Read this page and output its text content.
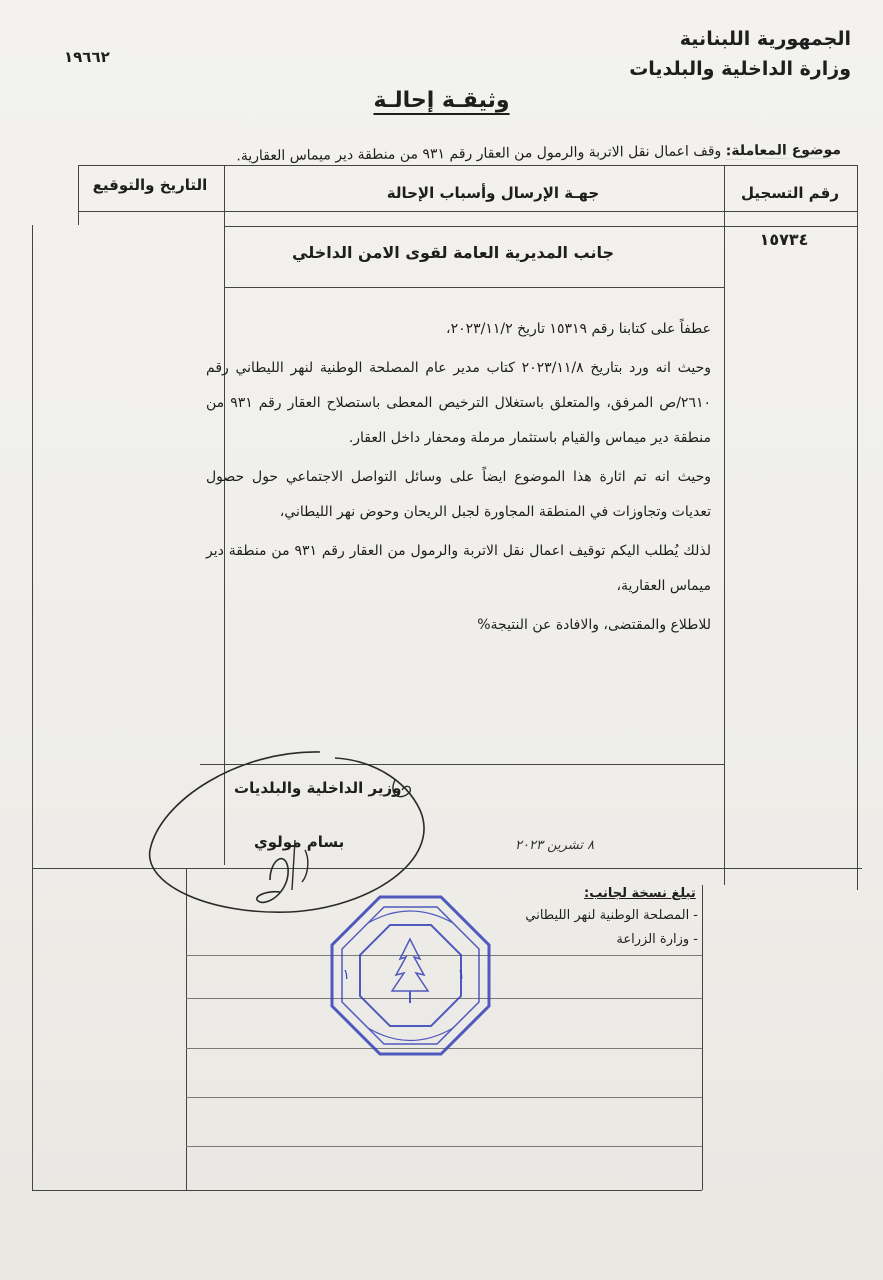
الجمهورية اللبنانية
وزارة الداخلية والبلديات
١٩٦٦٢
وثيقـة إحالـة
موضوع المعاملة: وقف اعمال نقل الاتربة والرمول من العقار رقم ٩٣١ من منطقة دير ميماس العقارية.
رقم التسجيل
جهـة الإرسال وأسباب الإحالة
التاريخ والتوقيع
١٥٧٣٤
جانب المديرية العامة لقوى الامن الداخلي

عطفاً على كتابنا رقم ١٥٣١٩ تاريخ ٢٠٢٣/١١/٢،

وحيث انه ورد بتاريخ ٢٠٢٣/١١/٨ كتاب مدير عام المصلحة الوطنية لنهر الليطاني رقم ٢٦١٠/ص المرفق، والمتعلق باستغلال الترخيص المعطى باستصلاح العقار رقم ٩٣١ من منطقة دير ميماس والقيام باستثمار مرملة ومحفار داخل العقار.

وحيث انه تم اثارة هذا الموضوع ايضاً على وسائل التواصل الاجتماعي حول حصول تعديات وتجاوزات في المنطقة المجاورة لجبل الريحان وحوض نهر الليطاني،

لذلك يُطلب اليكم توقيف اعمال نقل الاتربة والرمول من العقار رقم ٩٣١ من منطقة دير ميماس العقارية،

للاطلاع والمقتضى، والافادة عن النتيجة%

وزير الداخلية والبلديات
بسام مولوي	٨ تشرين ٢٠٢٣
تبلغ نسخة لجانب:
- المصلحة الوطنية لنهر الليطاني
- وزارة الزراعة
١	١
